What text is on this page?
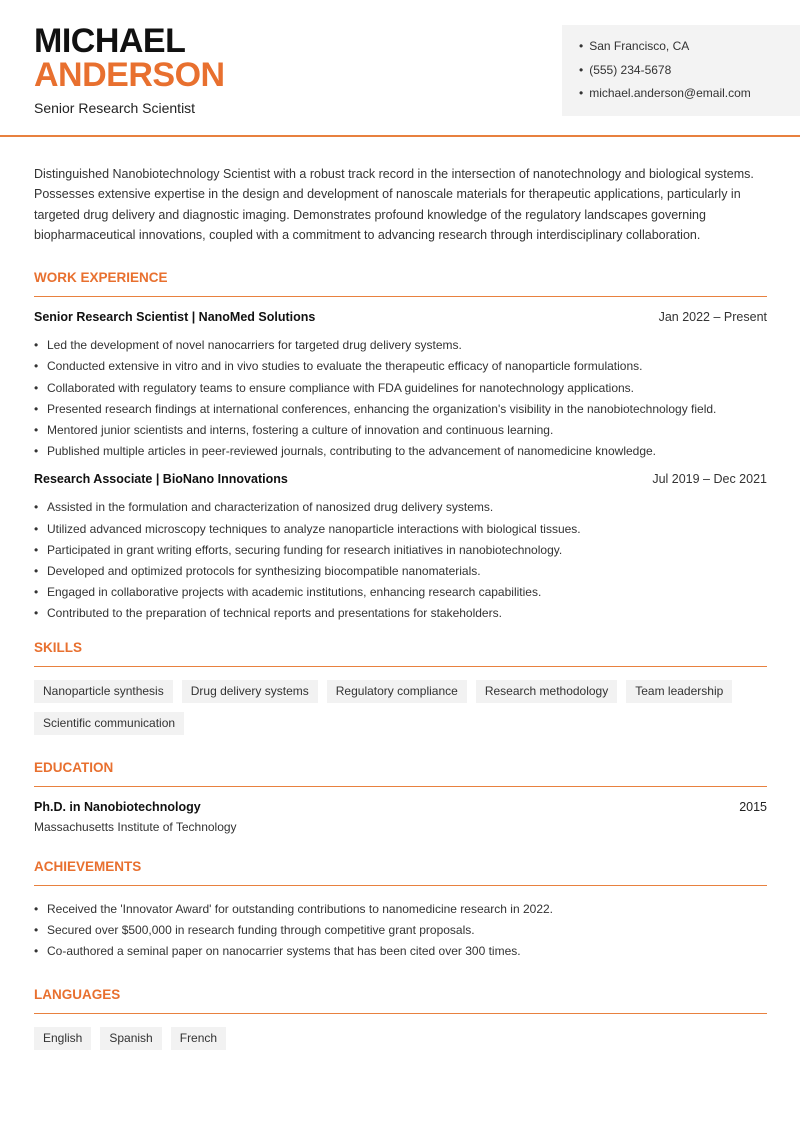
MICHAEL
ANDERSON
Senior Research Scientist
• San Francisco, CA
• (555) 234-5678
• michael.anderson@email.com

Distinguished Nanobiotechnology Scientist with a robust track record in the intersection of nanotechnology and biological systems. Possesses extensive expertise in the design and development of nanoscale materials for therapeutic applications, particularly in targeted drug delivery and diagnostic imaging. Demonstrates profound knowledge of the regulatory landscapes governing biopharmaceutical innovations, coupled with a commitment to advancing research through interdisciplinary collaboration.

WORK EXPERIENCE
Senior Research Scientist | NanoMed Solutions	Jan 2022 – Present
• Led the development of novel nanocarriers for targeted drug delivery systems.
• Conducted extensive in vitro and in vivo studies to evaluate the therapeutic efficacy of nanoparticle formulations.
• Collaborated with regulatory teams to ensure compliance with FDA guidelines for nanotechnology applications.
• Presented research findings at international conferences, enhancing the organization's visibility in the nanobiotechnology field.
• Mentored junior scientists and interns, fostering a culture of innovation and continuous learning.
• Published multiple articles in peer-reviewed journals, contributing to the advancement of nanomedicine knowledge.
Research Associate | BioNano Innovations	Jul 2019 – Dec 2021
• Assisted in the formulation and characterization of nanosized drug delivery systems.
• Utilized advanced microscopy techniques to analyze nanoparticle interactions with biological tissues.
• Participated in grant writing efforts, securing funding for research initiatives in nanobiotechnology.
• Developed and optimized protocols for synthesizing biocompatible nanomaterials.
• Engaged in collaborative projects with academic institutions, enhancing research capabilities.
• Contributed to the preparation of technical reports and presentations for stakeholders.
SKILLS
Nanoparticle synthesis	Drug delivery systems	Regulatory compliance	Research methodology	Team leadership
Scientific communication
EDUCATION
Ph.D. in Nanobiotechnology	2015
Massachusetts Institute of Technology
ACHIEVEMENTS
• Received the 'Innovator Award' for outstanding contributions to nanomedicine research in 2022.
• Secured over $500,000 in research funding through competitive grant proposals.
• Co-authored a seminal paper on nanocarrier systems that has been cited over 300 times.
LANGUAGES
English	Spanish	French
